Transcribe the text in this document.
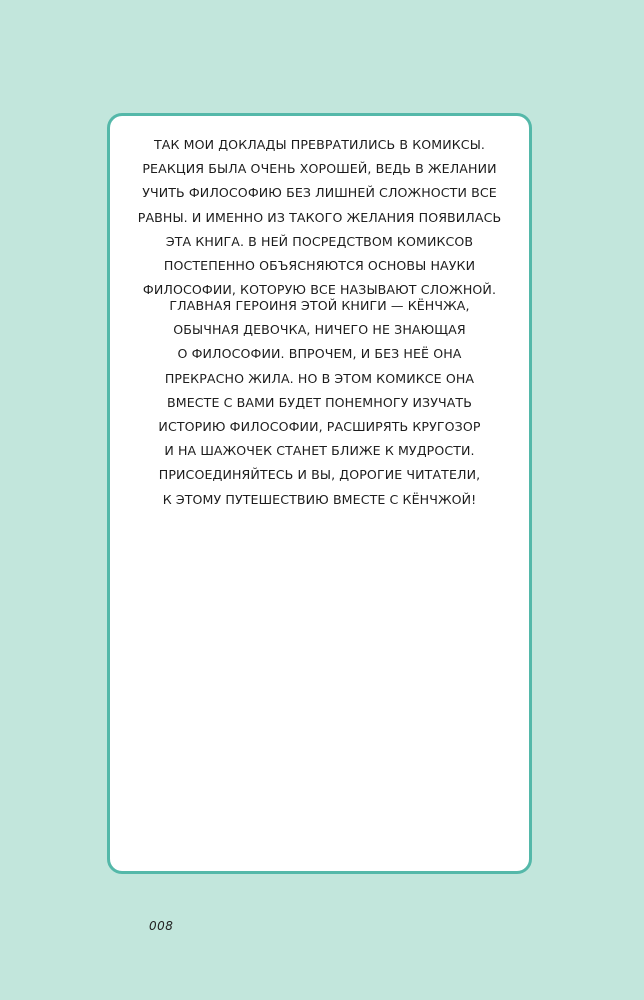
ТАК МОИ ДОКЛАДЫ ПРЕВРАТИЛИСЬ В КОМИКСЫ.
РЕАКЦИЯ БЫЛА ОЧЕНЬ ХОРОШЕЙ, ВЕДЬ В ЖЕЛАНИИ
УЧИТЬ ФИЛОСОФИЮ БЕЗ ЛИШНЕЙ СЛОЖНОСТИ ВСЕ
РАВНЫ. И ИМЕННО ИЗ ТАКОГО ЖЕЛАНИЯ ПОЯВИЛАСЬ
ЭТА КНИГА. В НЕЙ ПОСРЕДСТВОМ КОМИКСОВ
ПОСТЕПЕННО ОБЪЯСНЯЮТСЯ ОСНОВЫ НАУКИ
ФИЛОСОФИИ, КОТОРУЮ ВСЕ НАЗЫВАЮТ СЛОЖНОЙ.
ГЛАВНАЯ ГЕРОИНЯ ЭТОЙ КНИГИ — КЁНЧЖА,
ОБЫЧНАЯ ДЕВОЧКА, НИЧЕГО НЕ ЗНАЮЩАЯ
О ФИЛОСОФИИ. ВПРОЧЕМ, И БЕЗ НЕЁ ОНА
ПРЕКРАСНО ЖИЛА. НО В ЭТОМ КОМИКСЕ ОНА
ВМЕСТЕ С ВАМИ БУДЕТ ПОНЕМНОГУ ИЗУЧАТЬ
ИСТОРИЮ ФИЛОСОФИИ, РАСШИРЯТЬ КРУГОЗОР
И НА ШАЖОЧЕК СТАНЕТ БЛИЖЕ К МУДРОСТИ.
ПРИСОЕДИНЯЙТЕСЬ И ВЫ, ДОРОГИЕ ЧИТАТЕЛИ,
К ЭТОМУ ПУТЕШЕСТВИЮ ВМЕСТЕ С КЁНЧЖОЙ!
008
